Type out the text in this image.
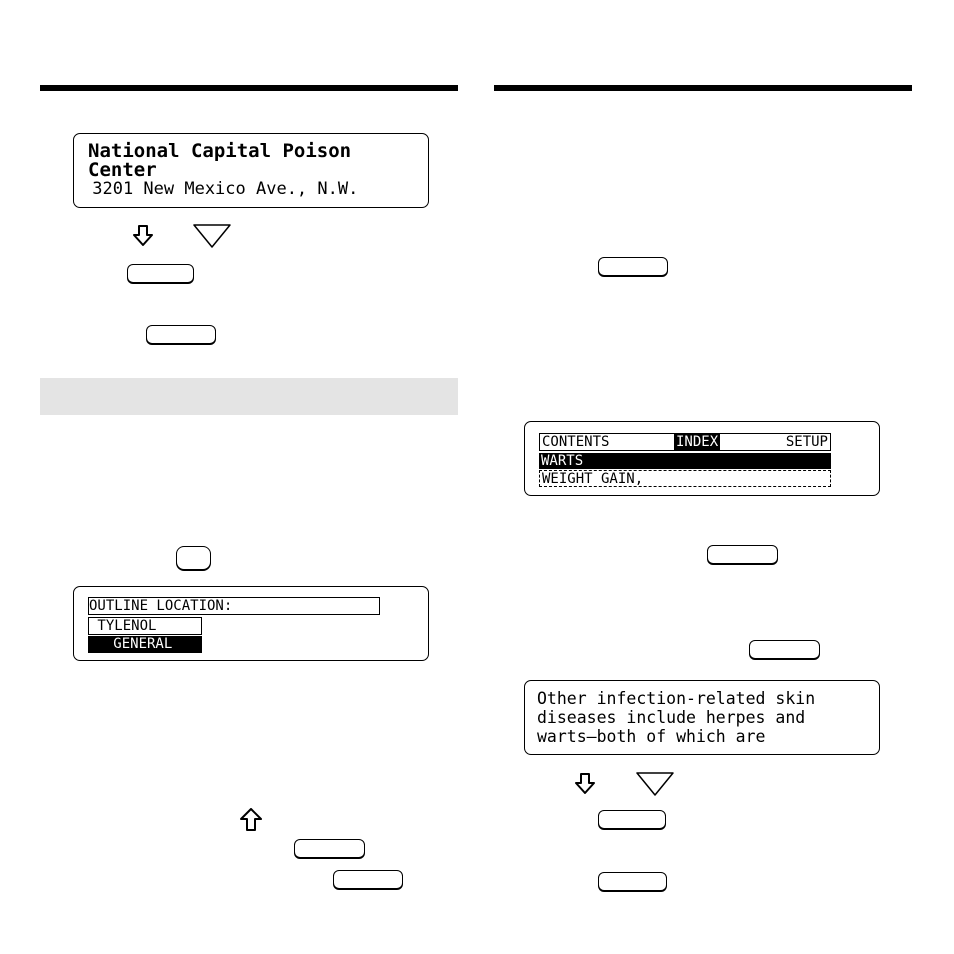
National Capital Poison
Center
3201 New Mexico Ave., N.W.
OUTLINE LOCATION:
TYLENOL
GENERAL

CONTENTS

	INDEX

	SETUP

WARTS
WEIGHT GAIN,
Other infection-related skin
diseases include herpes and
warts—both of which are
